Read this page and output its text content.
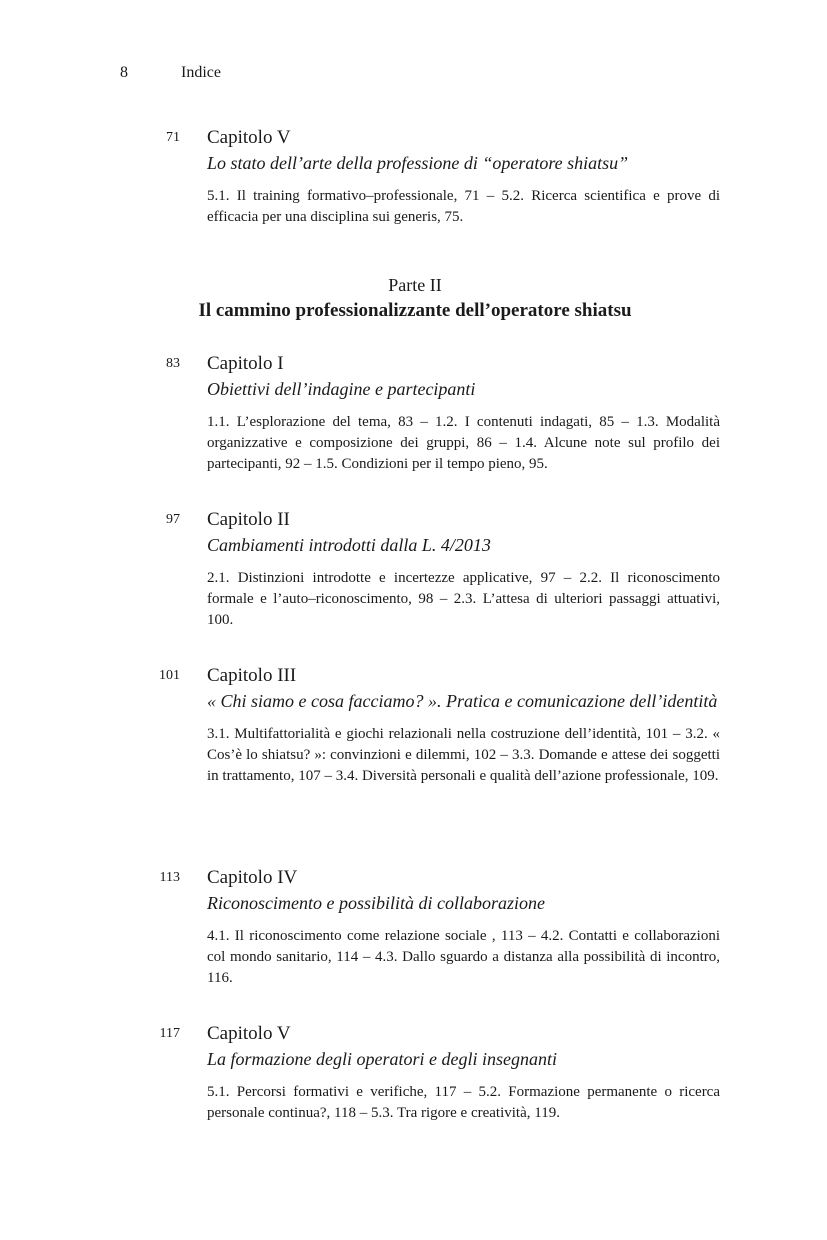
8	Indice
71 Capitolo V
Lo stato dell’arte della professione di “operatore shiatsu”
5.1. Il training formativo–professionale, 71 – 5.2. Ricerca scientifica e prove di efficacia per una disciplina sui generis, 75.
Parte II
Il cammino professionalizzante dell’operatore shiatsu
83 Capitolo I
Obiettivi dell’indagine e partecipanti
1.1. L’esplorazione del tema, 83 – 1.2. I contenuti indagati, 85 – 1.3. Modalità organizzative e composizione dei gruppi, 86 – 1.4. Alcune note sul profilo dei partecipanti, 92 – 1.5. Condizioni per il tempo pieno, 95.
97 Capitolo II
Cambiamenti introdotti dalla L. 4/2013
2.1. Distinzioni introdotte e incertezze applicative, 97 – 2.2. Il riconoscimento formale e l’auto–riconoscimento, 98 – 2.3. L’attesa di ulteriori passaggi attuativi, 100.
101 Capitolo III
« Chi siamo e cosa facciamo? ». Pratica e comunicazione dell’identità
3.1. Multifattorialità e giochi relazionali nella costruzione dell’identità, 101 – 3.2. « Cos’è lo shiatsu? »: convinzioni e dilemmi, 102 – 3.3. Domande e attese dei soggetti in trattamento, 107 – 3.4. Diversità personali e qualità dell’azione professionale, 109.
113 Capitolo IV
Riconoscimento e possibilità di collaborazione
4.1. Il riconoscimento come relazione sociale , 113 – 4.2. Contatti e collaborazioni col mondo sanitario, 114 – 4.3. Dallo sguardo a distanza alla possibilità di incontro, 116.
117 Capitolo V
La formazione degli operatori e degli insegnanti
5.1. Percorsi formativi e verifiche, 117 – 5.2. Formazione permanente o ricerca personale continua?, 118 – 5.3. Tra rigore e creatività, 119.
